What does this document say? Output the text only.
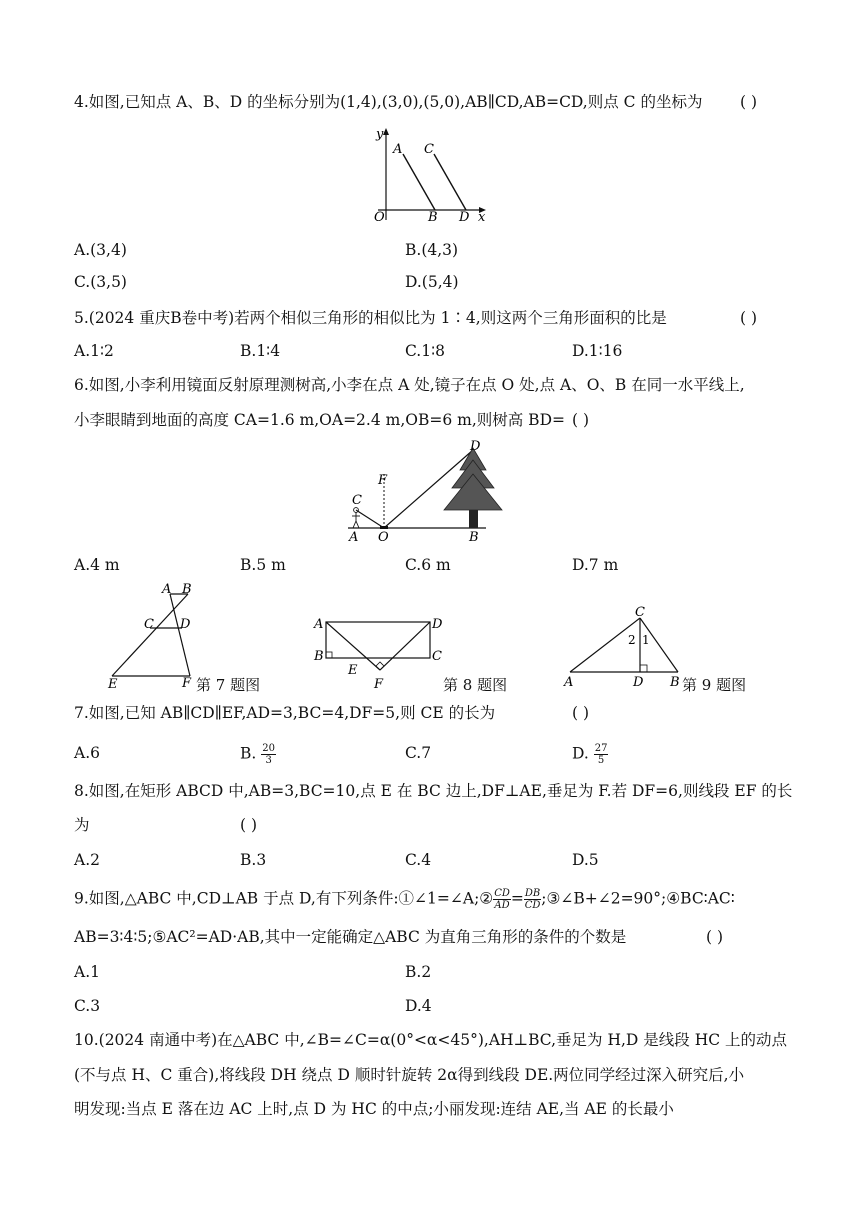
4.如图,已知点 A、B、D 的坐标分别为(1,4),(3,0),(5,0),AB∥CD,AB=CD,则点 C 的坐标为 ( )
y
x
O
A C
B D
A.(3,4)	B.(4,3)
C.(3,5)	D.(5,4)
5.(2024 重庆B卷中考)若两个相似三角形的相似比为 1∶4,则这两个三角形面积的比是	( )
A.1∶2	B.1∶4	C.1∶8	D.1∶16
6.如图,小李利用镜面反射原理测树高,小李在点 A 处,镜子在点 O 处,点 A、O、B 在同一水平线上,
小李眼睛到地面的高度 CA=1.6 m,OA=2.4 m,OB=6 m,则树高 BD= ( )
C
F
D
A O	B
A.4 m	B.5 m	C.6 m	D.7 m
A B
C D
E	F 第 7 题图
A	D
B	C
E
F	第 8 题图
C
A	D B
1
2
第 9 题图
7.如图,已知 AB∥CD∥EF,AD=3,BC=4,DF=5,则 CE 的长为	( )
A.6	B. $\frac{20}{3}$	C.7	D. $\frac{27}{5}$
8.如图,在矩形 ABCD 中,AB=3,BC=10,点 E 在 BC 边上,DF⊥AE,垂足为 F.若 DF=6,则线段 EF 的长
为	( )
A.2	B.3	C.4	D.5
9.如图,△ABC 中,CD⊥AB 于点 D,有下列条件:①∠1=∠A;② $\frac{CD}{AD} = \frac{DB}{CD}$ ;③∠B+∠2=90°;④BC∶AC∶
AB=3∶4∶5;⑤AC²=AD·AB,其中一定能确定△ABC 为直角三角形的条件的个数是	( )
A.1	B.2
C.3	D.4
10.(2024 南通中考)在△ABC 中,∠B=∠C=α(0°<α<45°),AH⊥BC,垂足为 H,D 是线段 HC 上的动点
(不与点 H、C 重合),将线段 DH 绕点 D 顺时针旋转 2α得到线段 DE.两位同学经过深入研究后,小
明发现:当点 E 落在边 AC 上时,点 D 为 HC 的中点;小丽发现:连结 AE,当 AE 的长最小
